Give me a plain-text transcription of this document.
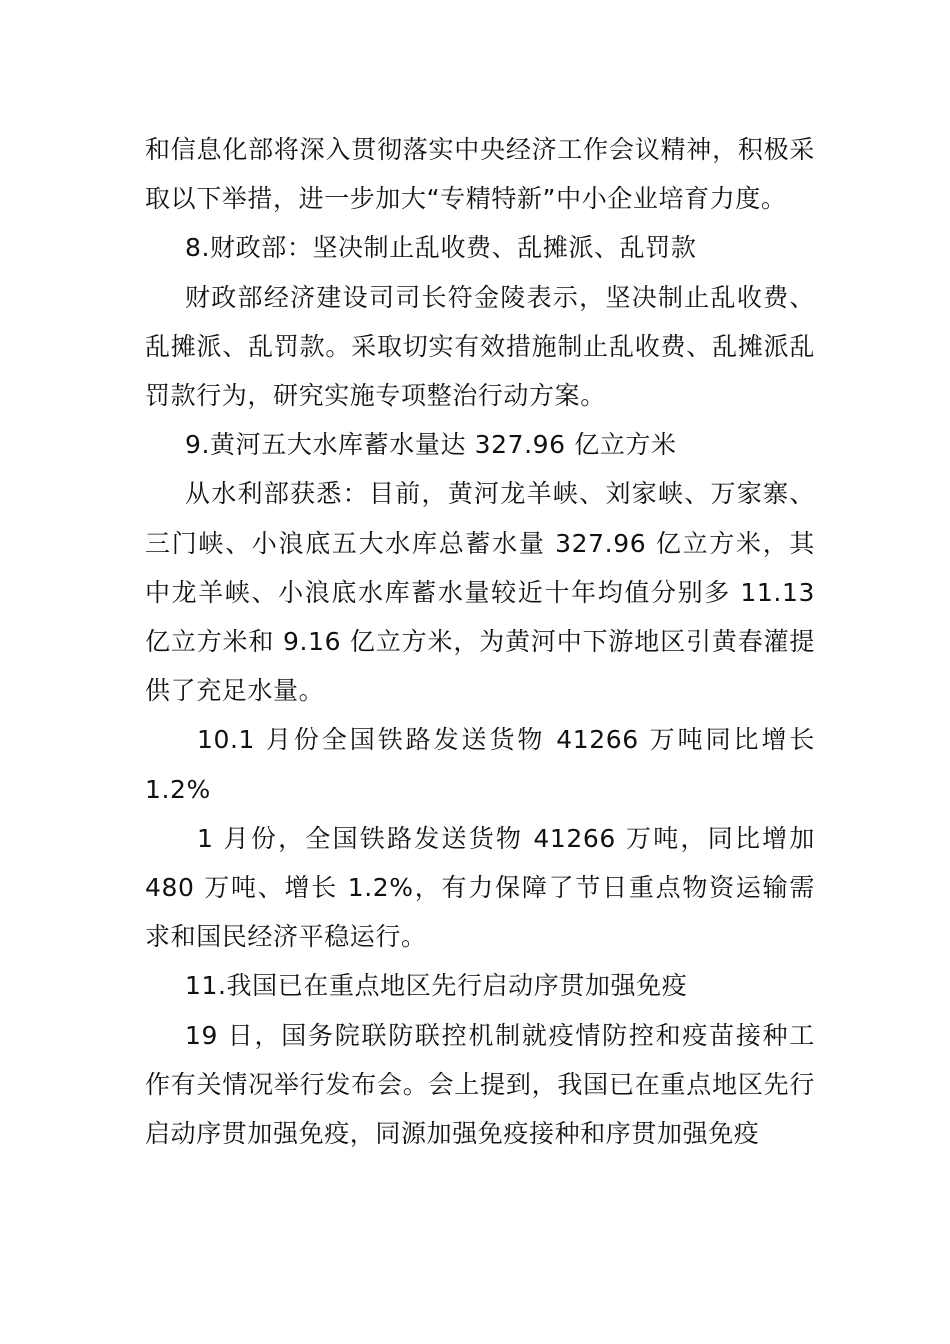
和信息化部将深入贯彻落实中央经济工作会议精神，积极采取以下举措，进一步加大“专精特新”中小企业培育力度。

8.财政部：坚决制止乱收费、乱摊派、乱罚款

财政部经济建设司司长符金陵表示，坚决制止乱收费、乱摊派、乱罚款。采取切实有效措施制止乱收费、乱摊派乱罚款行为，研究实施专项整治行动方案。

9.黄河五大水库蓄水量达 327.96 亿立方米

从水利部获悉：目前，黄河龙羊峡、刘家峡、万家寨、三门峡、小浪底五大水库总蓄水量 327.96 亿立方米，其中龙羊峡、小浪底水库蓄水量较近十年均值分别多 11.13 亿立方米和 9.16 亿立方米，为黄河中下游地区引黄春灌提供了充足水量。

10.1 月份全国铁路发送货物 41266 万吨同比增长 1.2%

1 月份，全国铁路发送货物 41266 万吨，同比增加 480 万吨、增长 1.2%，有力保障了节日重点物资运输需求和国民经济平稳运行。

11.我国已在重点地区先行启动序贯加强免疫

19 日，国务院联防联控机制就疫情防控和疫苗接种工作有关情况举行发布会。会上提到，我国已在重点地区先行启动序贯加强免疫，同源加强免疫接种和序贯加强免疫
